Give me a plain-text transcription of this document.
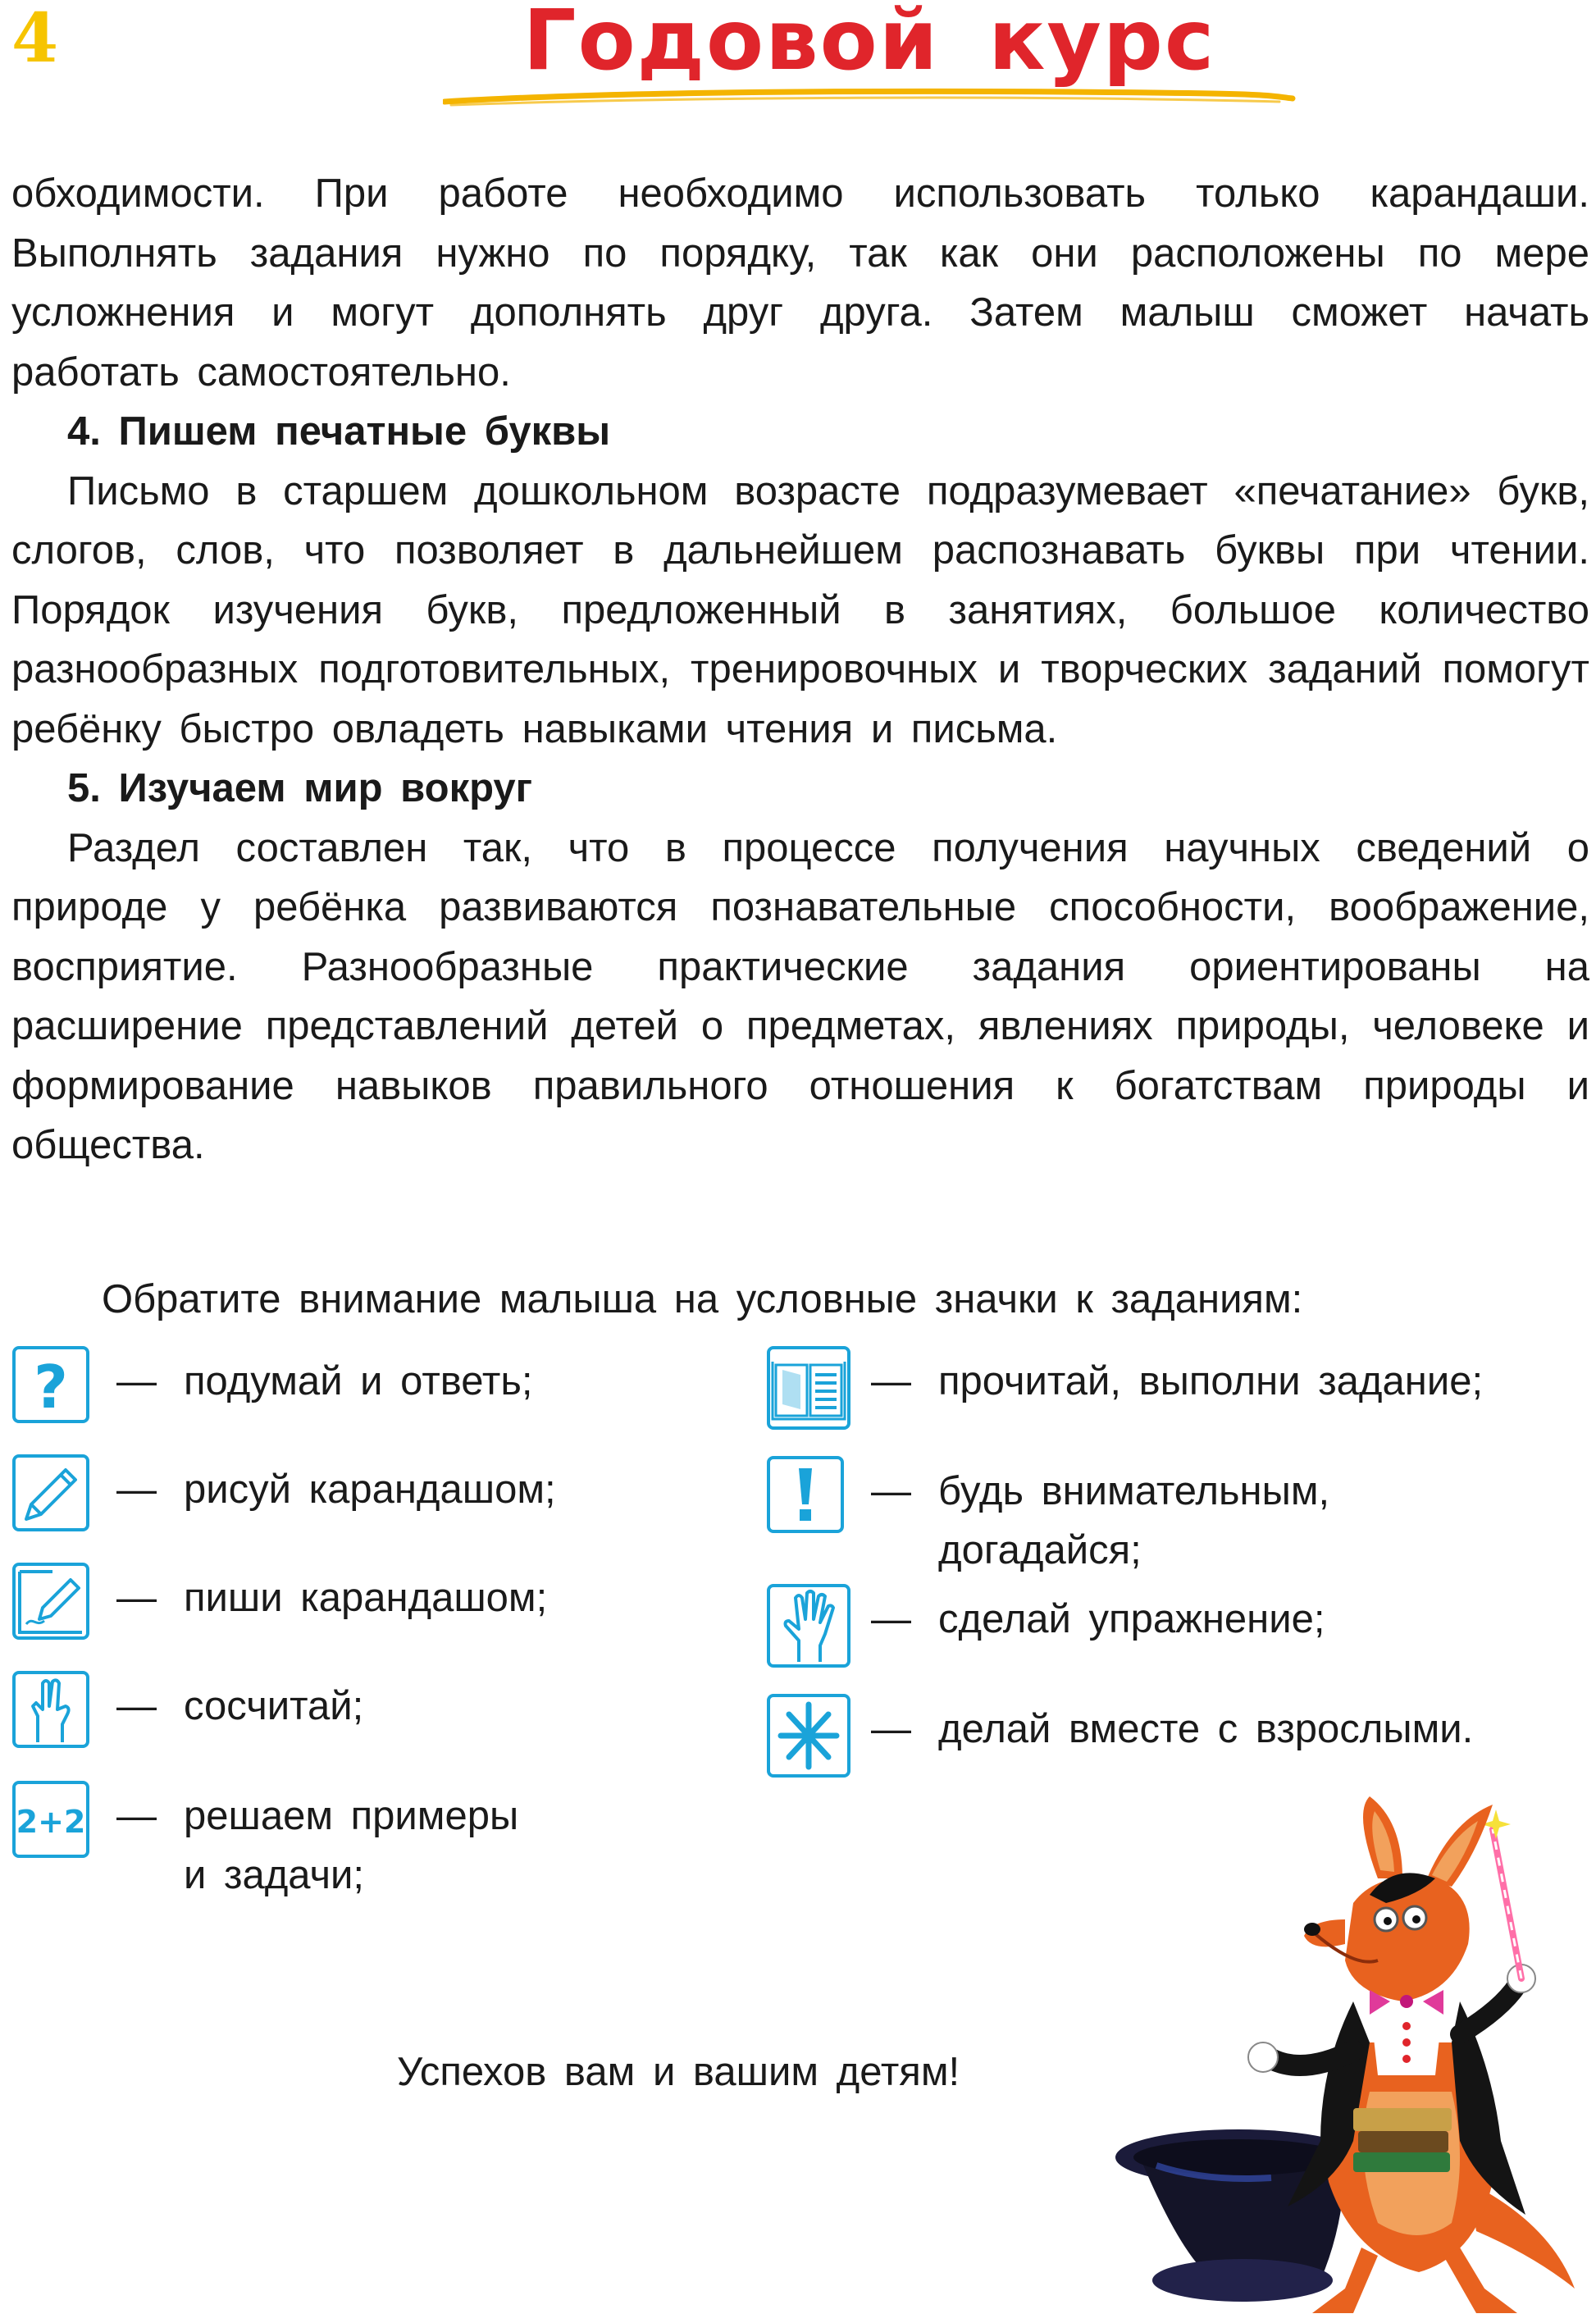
4	Годовой курс

обходимости. При работе необходимо использовать только карандаши. Выполнять задания нужно по порядку, так как они расположены по мере усложнения и могут дополнять друг друга. Затем малыш сможет начать работать самостоятельно.

4. Пишем печатные буквы

Письмо в старшем дошкольном возрасте подразумевает «печатание» букв, слогов, слов, что позволяет в дальнейшем распознавать буквы при чтении. Порядок изучения букв, предложенный в занятиях, большое количество разнообразных подготовительных, тренировочных и творческих заданий помогут ребёнку быстро овладеть навыками чтения и письма.

5. Изучаем мир вокруг

Раздел составлен так, что в процессе получения научных сведений о природе у ребёнка развиваются познавательные способности, воображение, восприятие. Разнообразные практические задания ориентированы на расширение представлений детей о предметах, явлениях природы, человеке и формирование навыков правильного отношения к богатствам природы и общества.

Обратите внимание малыша на условные значки к заданиям:
? — подумай и ответь;
— рисуй карандашом;
— пиши карандашом;
— сосчитай;
2+2 — решаем примеры
и задачи;
— прочитай, выполни задание;
— будь внимательным,
догадайся;
— сделай упражнение;
— делай вместе с взрослыми.
Успехов вам и вашим детям!
